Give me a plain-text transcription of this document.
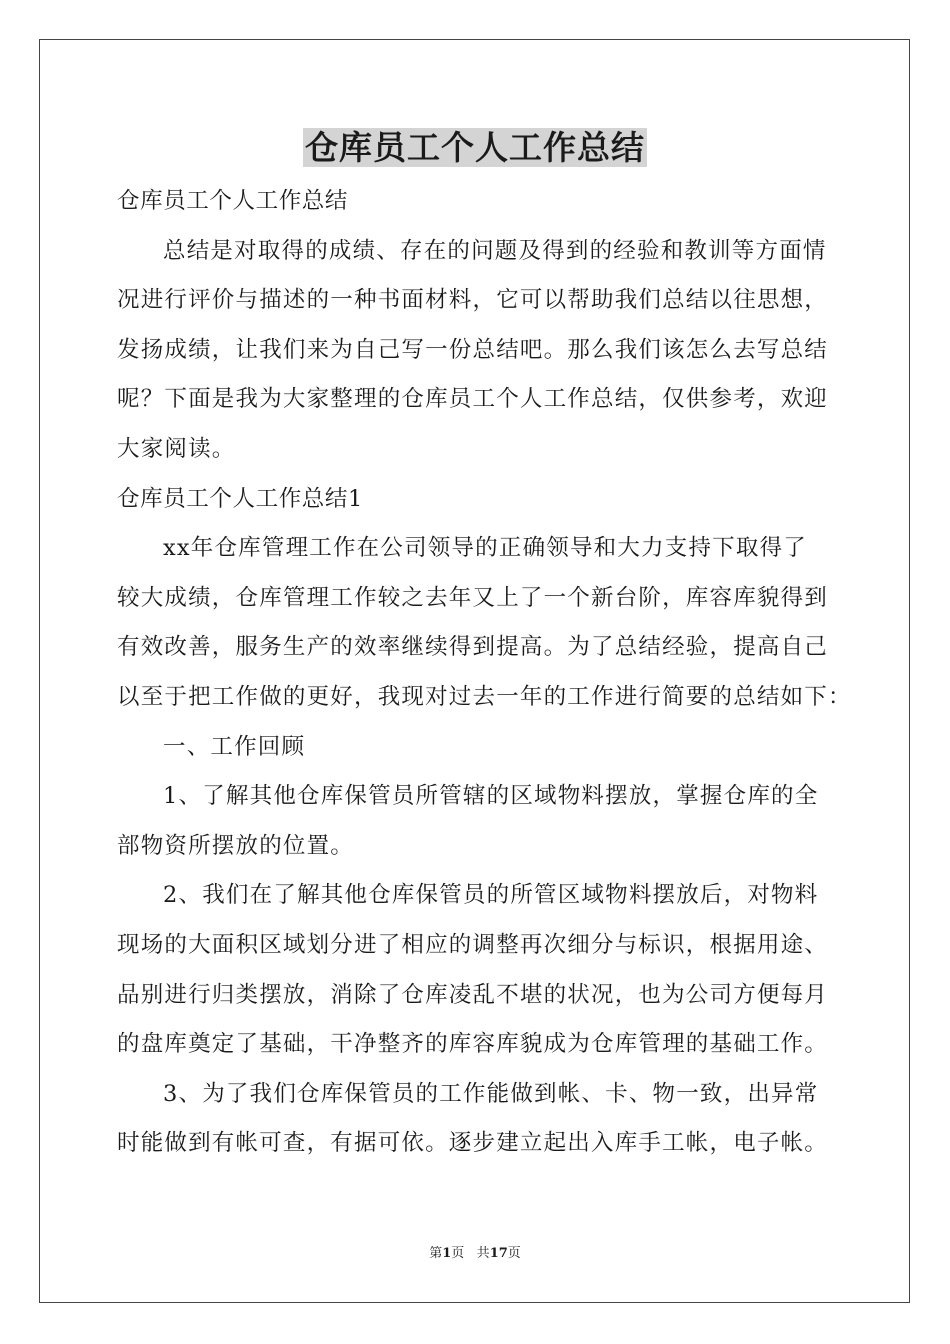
仓库员工个人工作总结
仓库员工个人工作总结
总结是对取得的成绩、存在的问题及得到的经验和教训等方面情
况进行评价与描述的一种书面材料，它可以帮助我们总结以往思想，
发扬成绩，让我们来为自己写一份总结吧。那么我们该怎么去写总结
呢？下面是我为大家整理的仓库员工个人工作总结，仅供参考，欢迎
大家阅读。
仓库员工个人工作总结1
xx年仓库管理工作在公司领导的正确领导和大力支持下取得了
较大成绩，仓库管理工作较之去年又上了一个新台阶，库容库貌得到
有效改善，服务生产的效率继续得到提高。为了总结经验，提高自己
以至于把工作做的更好，我现对过去一年的工作进行简要的总结如下：
一、工作回顾
1、了解其他仓库保管员所管辖的区域物料摆放，掌握仓库的全
部物资所摆放的位置。
2、我们在了解其他仓库保管员的所管区域物料摆放后，对物料
现场的大面积区域划分进了相应的调整再次细分与标识，根据用途、
品别进行归类摆放，消除了仓库凌乱不堪的状况，也为公司方便每月
的盘库奠定了基础，干净整齐的库容库貌成为仓库管理的基础工作。
3、为了我们仓库保管员的工作能做到帐、卡、物一致，出异常
时能做到有帐可查，有据可依。逐步建立起出入库手工帐，电子帐。
第1页 共17页
